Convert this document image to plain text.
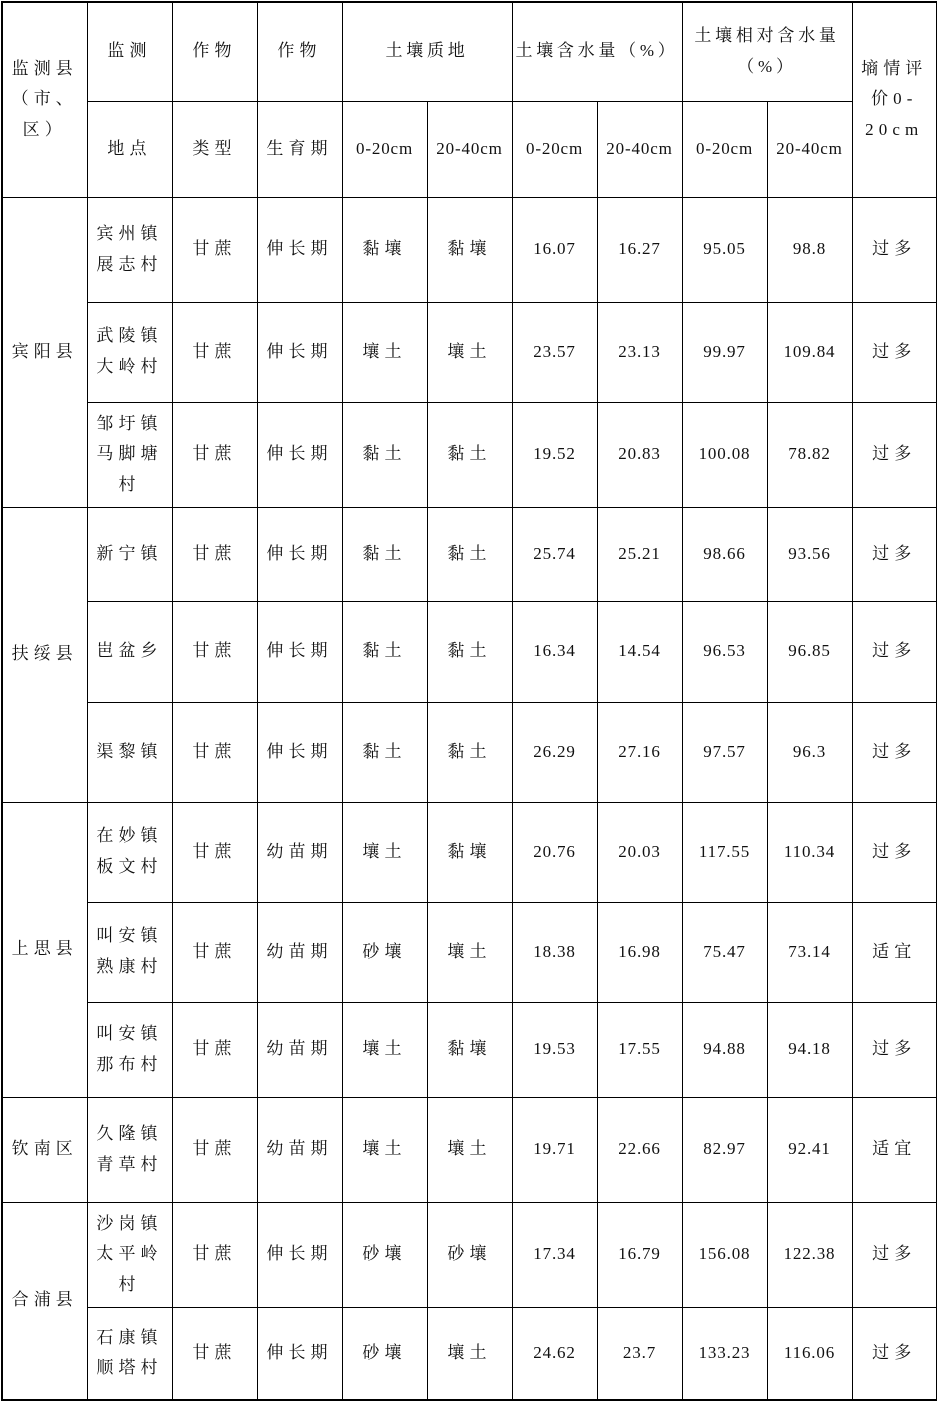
监测县（市、区）	监测	作物	作物	土壤质地		土壤含水量（%）		土壤相对含水量（%）		墒情评价0-20cm
	地点	类型	生育期	0-20cm	20-40cm	0-20cm	20-40cm	0-20cm	20-40cm	
宾阳县	宾州镇展志村	甘蔗	伸长期	黏壤	黏壤	16.07	16.27	95.05	98.8	过多
	武陵镇大岭村	甘蔗	伸长期	壤土	壤土	23.57	23.13	99.97	109.84	过多
	邹圩镇马脚塘村	甘蔗	伸长期	黏土	黏土	19.52	20.83	100.08	78.82	过多
扶绥县	新宁镇	甘蔗	伸长期	黏土	黏土	25.74	25.21	98.66	93.56	过多
	岜盆乡	甘蔗	伸长期	黏土	黏土	16.34	14.54	96.53	96.85	过多
	渠黎镇	甘蔗	伸长期	黏土	黏土	26.29	27.16	97.57	96.3	过多
上思县	在妙镇板文村	甘蔗	幼苗期	壤土	黏壤	20.76	20.03	117.55	110.34	过多
	叫安镇熟康村	甘蔗	幼苗期	砂壤	壤土	18.38	16.98	75.47	73.14	适宜
	叫安镇那布村	甘蔗	幼苗期	壤土	黏壤	19.53	17.55	94.88	94.18	过多
钦南区	久隆镇青草村	甘蔗	幼苗期	壤土	壤土	19.71	22.66	82.97	92.41	适宜
合浦县	沙岗镇太平岭村	甘蔗	伸长期	砂壤	砂壤	17.34	16.79	156.08	122.38	过多
	石康镇顺塔村	甘蔗	伸长期	砂壤	壤土	24.62	23.7	133.23	116.06	过多
